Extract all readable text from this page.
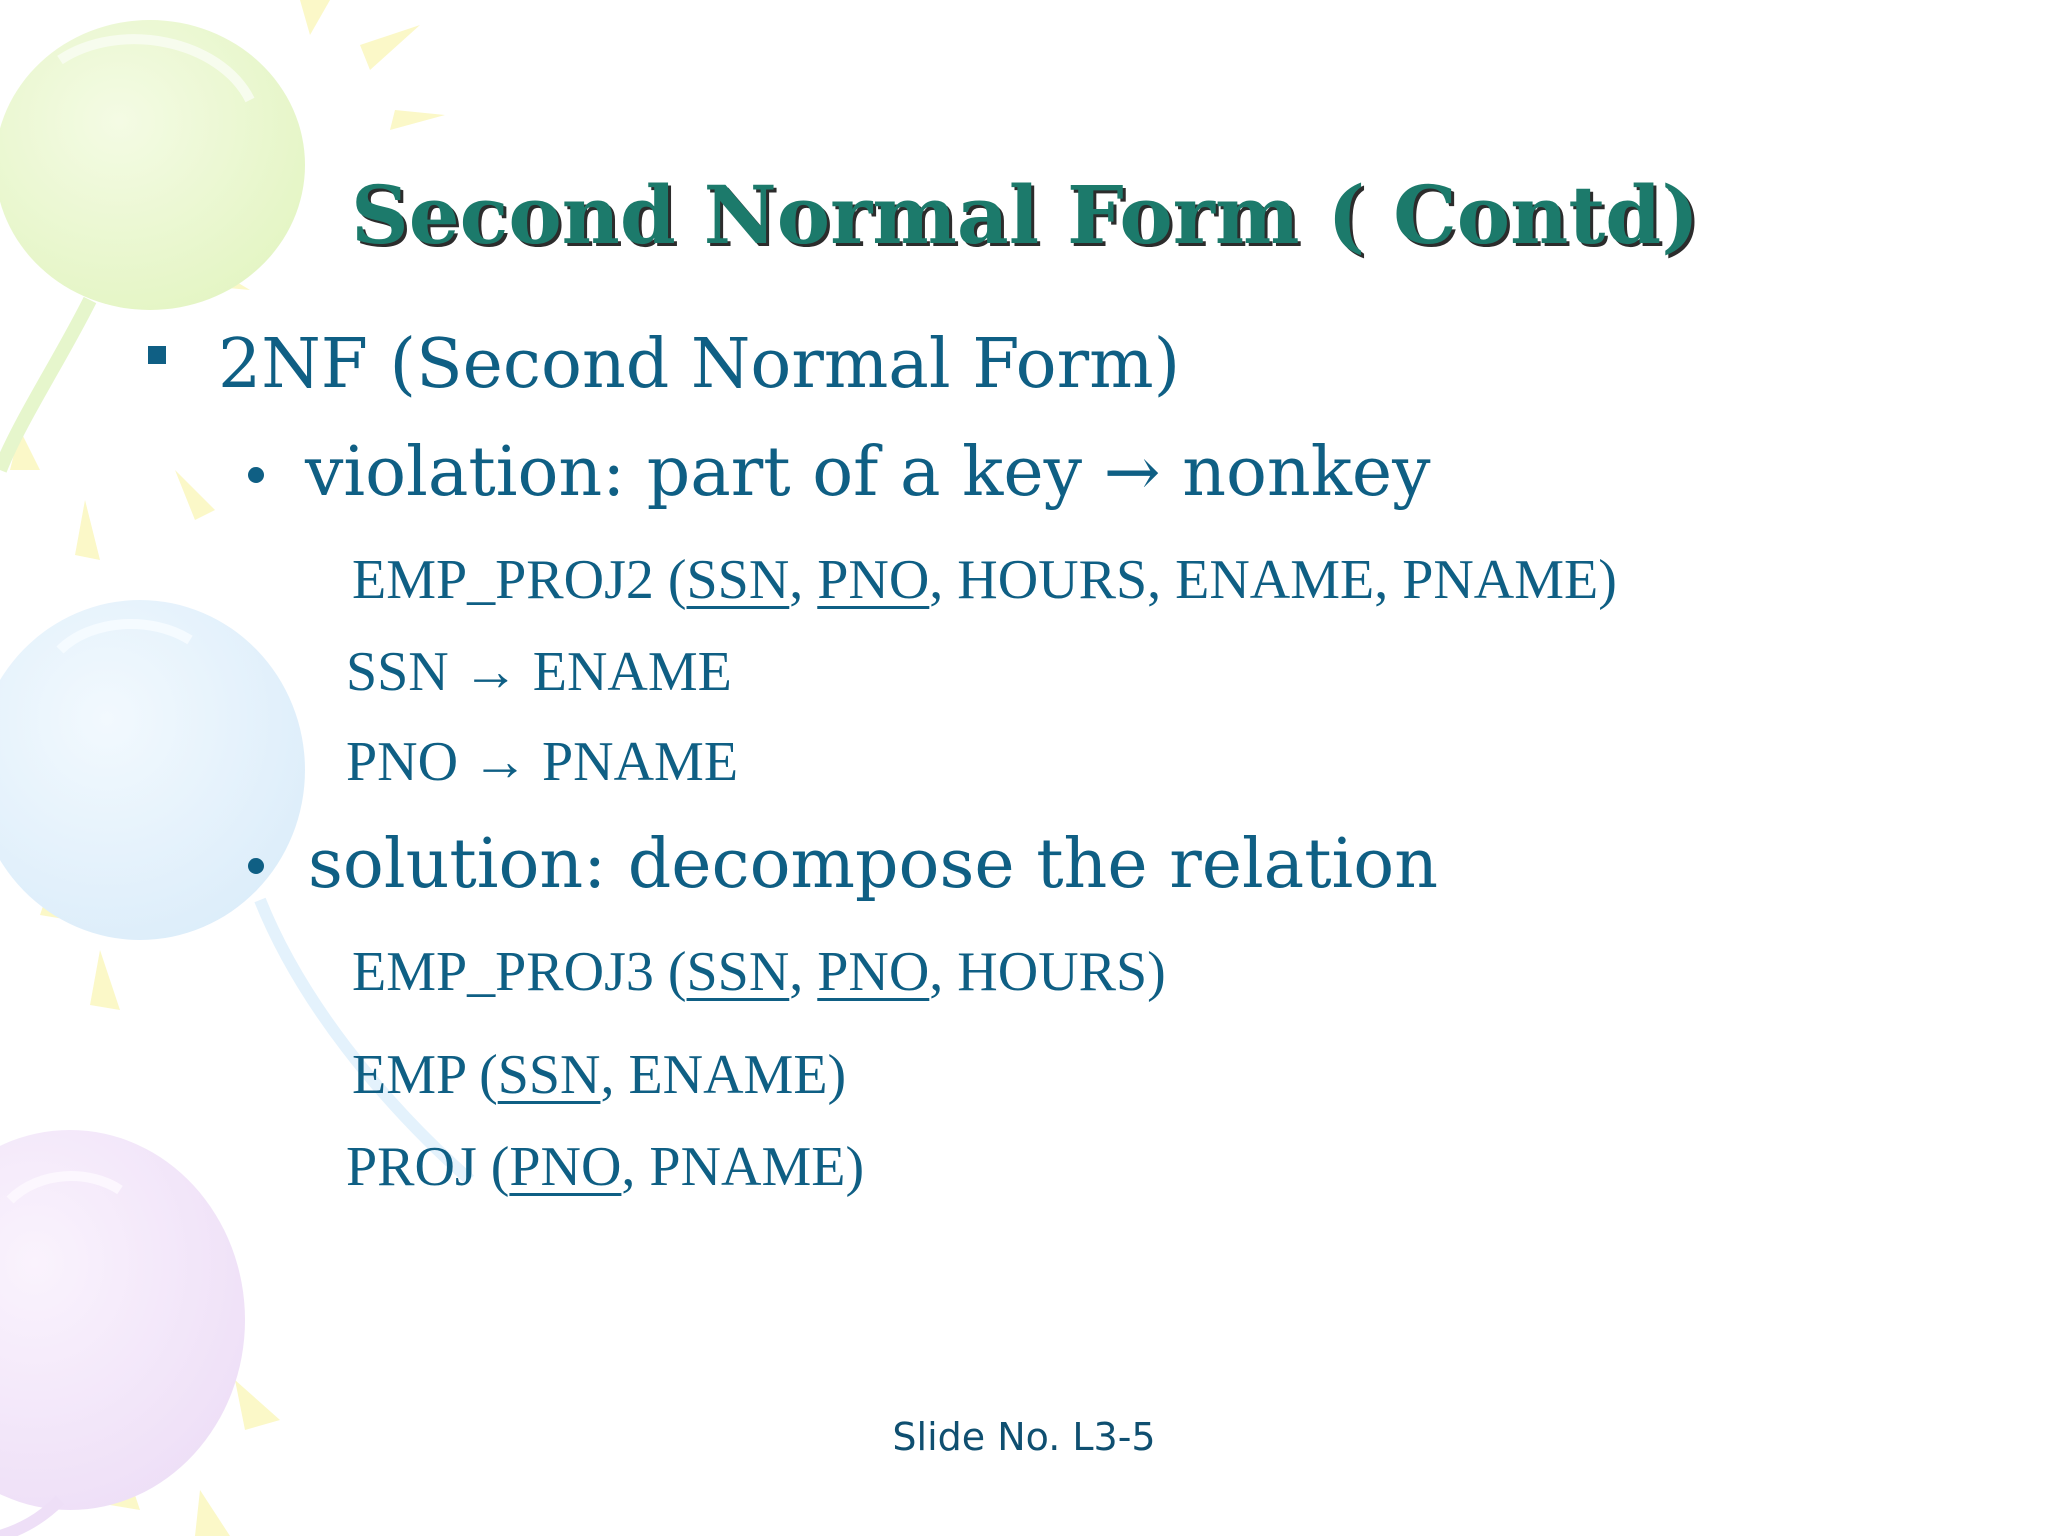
Second Normal Form ( Contd)
2NF (Second Normal Form)
violation: part of a key → nonkey
EMP_PROJ2 (SSN, PNO, HOURS, ENAME, PNAME)
SSN → ENAME
PNO → PNAME
solution: decompose the relation
EMP_PROJ3 (SSN, PNO, HOURS)
EMP (SSN, ENAME)
PROJ (PNO, PNAME)
Slide No. L3-5
